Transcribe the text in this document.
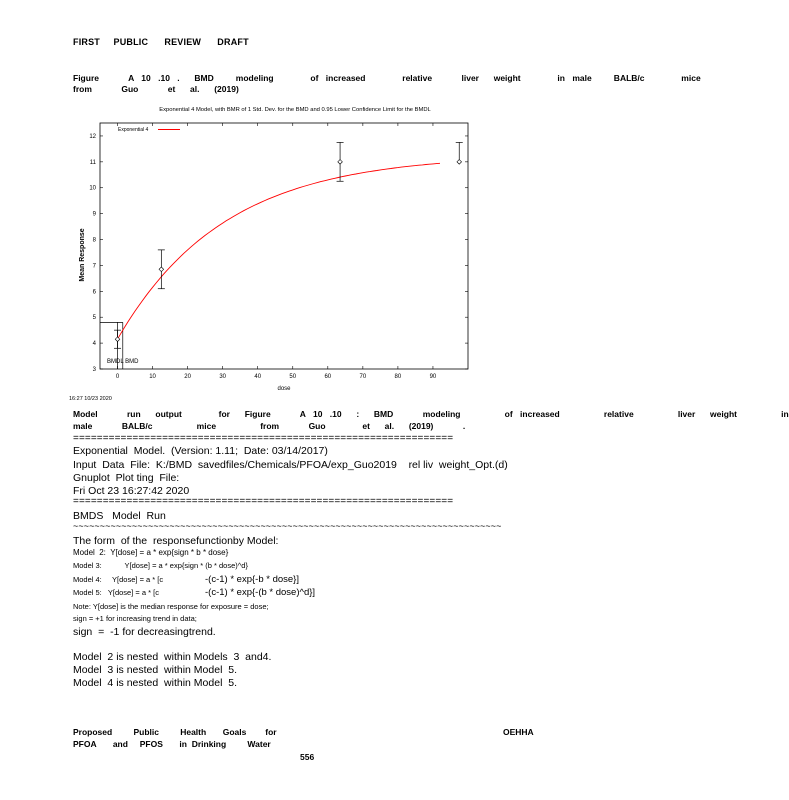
FIRST     PUBLIC      REVIEW      DRAFT
Figure    A 10 .10 .  BMD   modeling     of increased     relative    liver  weight     in male   BALB/c     mice
from    Guo    et  al.  (2019)
Exponential 4 Model, with BMR of 1 Std. Dev. for the BMD and 0.95 Lower Confidence Limit for the BMDL
3
4
5
6
7
8
9
10
11
12
0	10	20	30	40	50	60	70	80	90
Mean Response
dose
Exponential 4
BMDL BMD
16:27 10/23 2020
Model    run  output     for  Figure    A 10 .10  :  BMD    modeling      of increased      relative      liver  weight      in
male    BALB/c      mice      from    Guo     et  al.  (2019)    .
================================================================
Exponential  Model.  (Version: 1.11;  Date: 03/14/2017)
Input  Data  File:  K:/BMD  savedfiles/Chemicals/PFOA/exp_Guo2019    rel liv  weight_Opt.(d)
Gnuplot  Plot ting  File:
Fri Oct 23 16:27:42 2020
================================================================
BMDS   Model  Run
~~~~~~~~~~~~~~~~~~~~~~~~~~~~~~~~~~~~~~~~~~~~~~~~~~~~~~~~~~~~~~~~~~~~~~~~~~~~~~~~
The form  of the  responsefunctionby Model:
Model  2:  Y[dose] = a * exp{sign * b * dose}
Model 3:           Y[dose] = a * exp{sign * (b * dose)^d}
Model 4:     Y[dose] = a * [c	-(c-1) * exp{-b * dose}]
Model 5:   Y[dose] = a * [c	-(c-1) * exp{-(b * dose)^d}]
Note: Y[dose] is the median response for exposure = dose;
sign = +1 for increasing trend in data;
sign  =  -1 for decreasingtrend.
Model  2 is nested  within Models  3  and4.
Model  3 is nested  within Model  5.
Model  4 is nested  within Model  5.
Proposed         Public         Health       Goals        for
PFOA       and     PFOS       in  Drinking         Water
OEHHA
556
